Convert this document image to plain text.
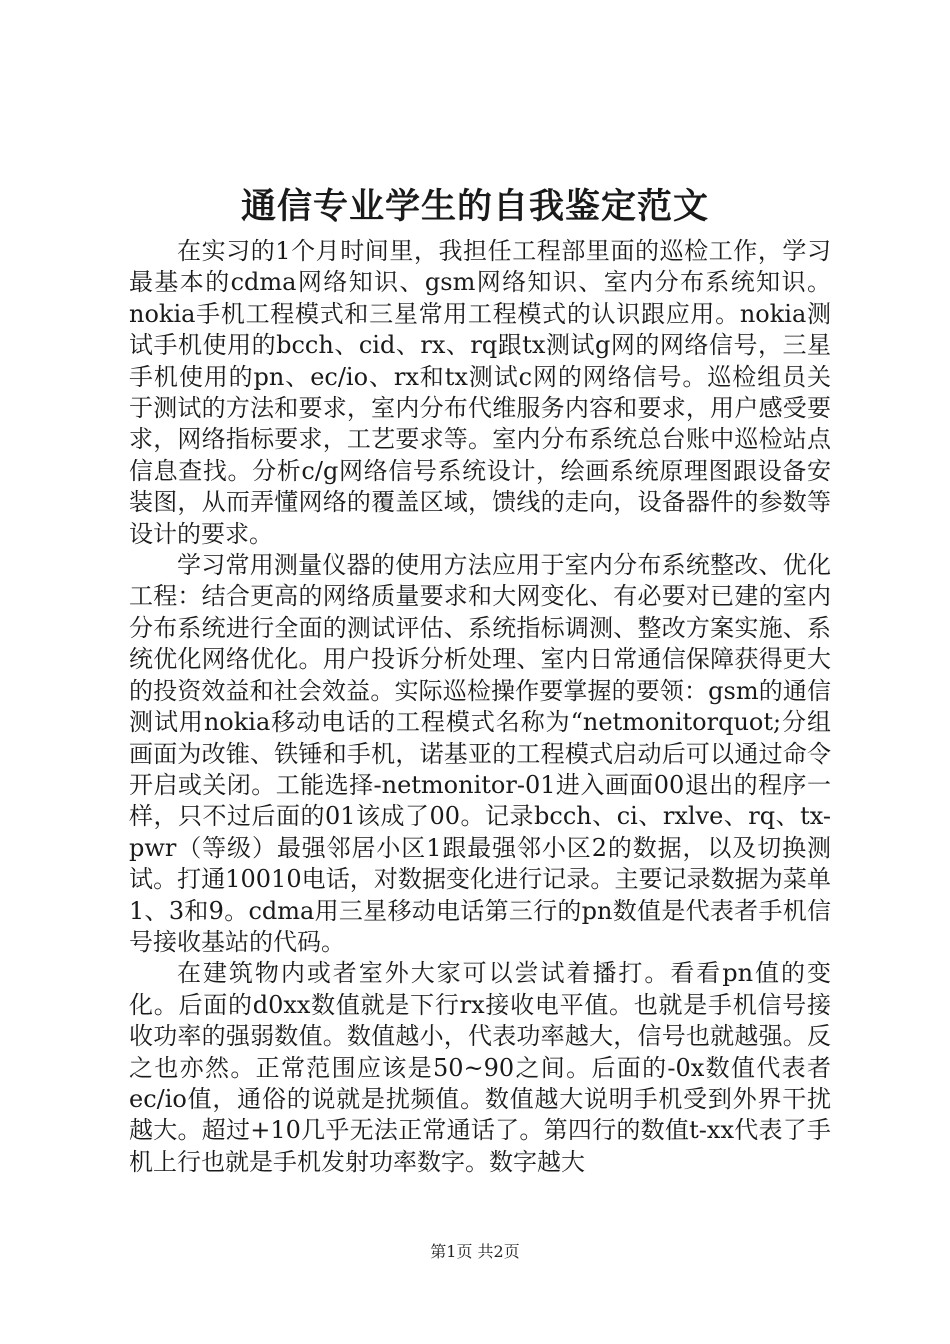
通信专业学生的自我鉴定范文

在实习的1个月时间里，我担任工程部里面的巡检工作，学习最基本的cdma网络知识、gsm网络知识、室内分布系统知识。nokia手机工程模式和三星常用工程模式的认识跟应用。nokia测试手机使用的bcch、cid、rx、rq跟tx测试g网的网络信号，三星手机使用的pn、ec/io、rx和tx测试c网的网络信号。巡检组员关于测试的方法和要求，室内分布代维服务内容和要求，用户感受要求，网络指标要求，工艺要求等。室内分布系统总台账中巡检站点信息查找。分析c/g网络信号系统设计，绘画系统原理图跟设备安装图，从而弄懂网络的覆盖区域，馈线的走向，设备器件的参数等设计的要求。

学习常用测量仪器的使用方法应用于室内分布系统整改、优化工程：结合更高的网络质量要求和大网变化、有必要对已建的室内分布系统进行全面的测试评估、系统指标调测、整改方案实施、系统优化网络优化。用户投诉分析处理、室内日常通信保障获得更大的投资效益和社会效益。实际巡检操作要掌握的要领：gsm的通信测试用nokia移动电话的工程模式名称为“netmonitorquot;分组画面为改锥、铁锤和手机，诺基亚的工程模式启动后可以通过命令开启或关闭。工能选择-netmonitor-01进入画面00退出的程序一样，只不过后面的01该成了00。记录bcch、ci、rxlve、rq、tx-pwr（等级）最强邻居小区1跟最强邻小区2的数据，以及切换测试。打通10010电话，对数据变化进行记录。主要记录数据为菜单1、3和9。cdma用三星移动电话第三行的pn数值是代表者手机信号接收基站的代码。

在建筑物内或者室外大家可以尝试着播打。看看pn值的变化。后面的d0xx数值就是下行rx接收电平值。也就是手机信号接收功率的强弱数值。数值越小，代表功率越大，信号也就越强。反之也亦然。正常范围应该是50~90之间。后面的-0x数值代表者ec/io值，通俗的说就是扰频值。数值越大说明手机受到外界干扰越大。超过+10几乎无法正常通话了。第四行的数值t-xx代表了手机上行也就是手机发射功率数字。数字越大

第1页 共2页
